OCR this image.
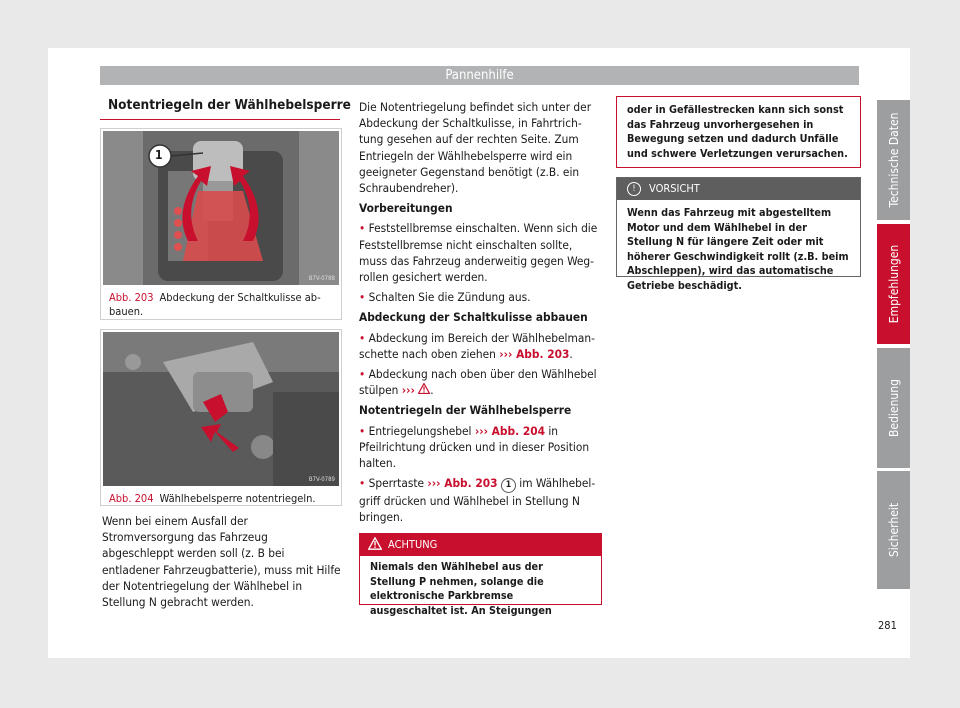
Pannenhilfe
Notentriegeln der Wählhebelsperre
B7V-0788
1
Abb. 203 Abdeckung der Schaltkulisse abbauen.
B7V-0789
Abb. 204 Wählhebelsperre notentriegeln.

Wenn bei einem Ausfall der Stromversorgung das Fahrzeug abgeschleppt werden soll (z. B bei entladener Fahrzeugbatterie), muss mit Hilfe der Notentriegelung der Wählhebel in Stellung N gebracht werden.

Die Notentriegelung befindet sich unter der Abdeckung der Schaltkulisse, in Fahrtrichtung gesehen auf der rechten Seite. Zum Entriegeln der Wählhebelsperre wird ein geeigneter Gegenstand benötigt (z.B. ein Schraubendreher).

Vorbereitungen

• Feststellbremse einschalten. Wenn sich die Feststellbremse nicht einschalten sollte, muss das Fahrzeug anderweitig gegen Wegrollen gesichert werden.

• Schalten Sie die Zündung aus.

Abdeckung der Schaltkulisse abbauen

• Abdeckung im Bereich der Wählhebelmanschette nach oben ziehen ››› Abb. 203.

• Abdeckung nach oben über den Wählhebel stülpen ››› .

Notentriegeln der Wählhebelsperre

• Entriegelungshebel ››› Abb. 204 in Pfeilrichtung drücken und in dieser Position halten.

• Sperrtaste ››› Abb. 203 1 im Wählhebelgriff drücken und Wählhebel in Stellung N bringen.

ACHTUNG
Niemals den Wählhebel aus der Stellung P nehmen, solange die elektronische Parkbremse ausgeschaltet ist. An Steigungen
oder in Gefällestrecken kann sich sonst das Fahrzeug unvorhergesehen in Bewegung setzen und dadurch Unfälle und schwere Verletzungen verursachen.
!	VORSICHT
Wenn das Fahrzeug mit abgestelltem Motor und dem Wählhebel in der Stellung N für längere Zeit oder mit höherer Geschwindigkeit rollt (z.B. beim Abschleppen), wird das automatische Getriebe beschädigt.
Technische Daten
Empfehlungen
Bedienung
Sicherheit
281
